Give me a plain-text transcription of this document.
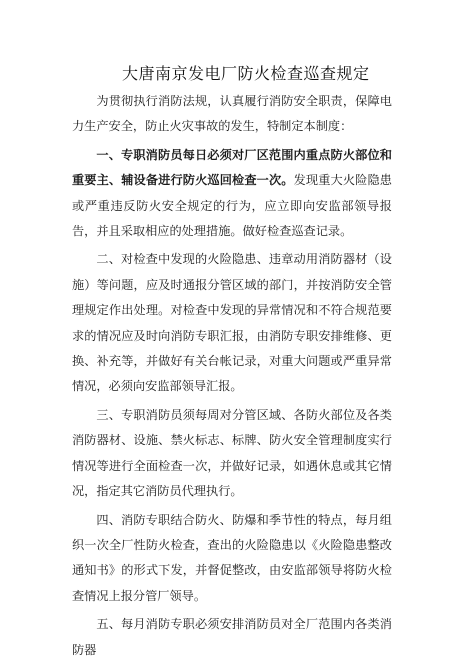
大唐南京发电厂防火检查巡查规定

为贯彻执行消防法规，认真履行消防安全职责，保障电力生产安全，防止火灾事故的发生，特制定本制度：

一、专职消防员每日必须对厂区范围内重点防火部位和重要主、辅设备进行防火巡回检查一次。发现重大火险隐患或严重违反防火安全规定的行为，应立即向安监部领导报告，并且采取相应的处理措施。做好检查巡查记录。

二、对检查中发现的火险隐患、违章动用消防器材（设施）等问题，应及时通报分管区域的部门，并按消防安全管理规定作出处理。对检查中发现的异常情况和不符合规范要求的情况应及时向消防专职汇报，由消防专职安排维修、更换、补充等，并做好有关台帐记录，对重大问题或严重异常情况，必须向安监部领导汇报。

三、专职消防员须每周对分管区域、各防火部位及各类消防器材、设施、禁火标志、标牌、防火安全管理制度实行情况等进行全面检查一次，并做好记录，如遇休息或其它情况，指定其它消防员代理执行。

四、消防专职结合防火、防爆和季节性的特点，每月组织一次全厂性防火检查，查出的火险隐患以《火险隐患整改通知书》的形式下发，并督促整改，由安监部领导将防火检查情况上报分管厂领导。

五、每月消防专职必须安排消防员对全厂范围内各类消防器
